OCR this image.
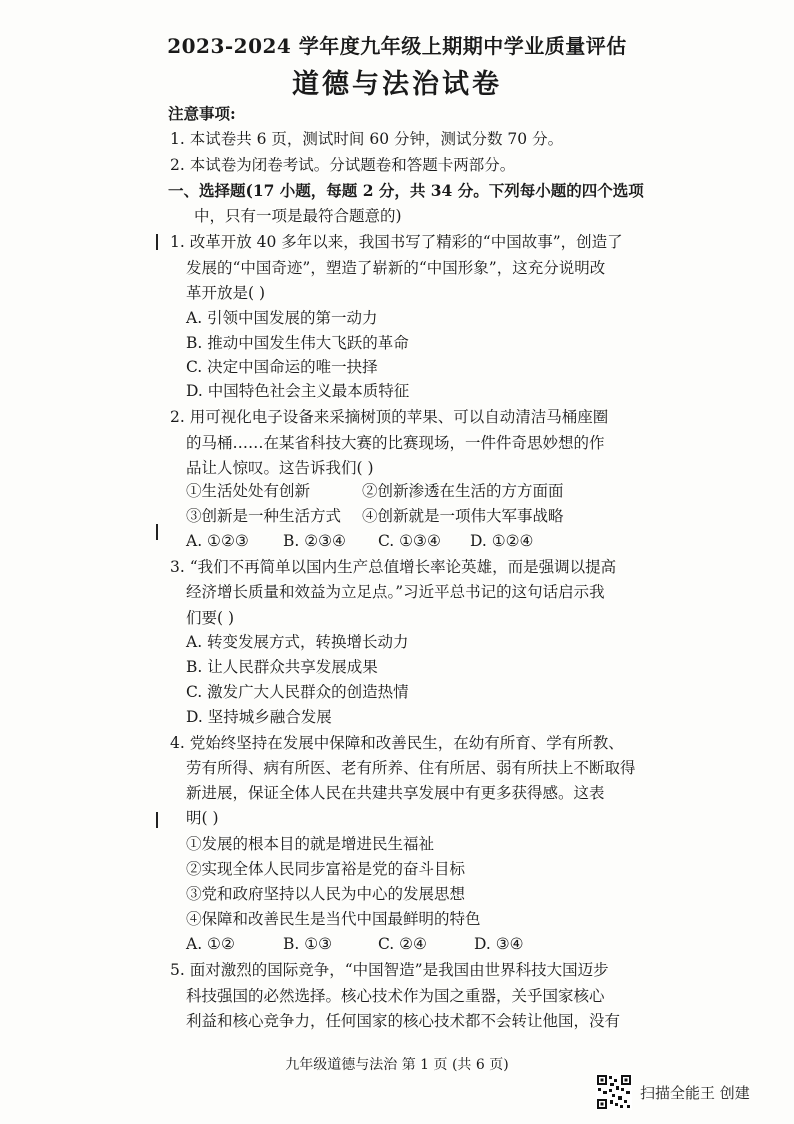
2023-2024 学年度九年级上期期中学业质量评估
道德与法治试卷
注意事项:
1. 本试卷共 6 页，测试时间 60 分钟，测试分数 70 分。
2. 本试卷为闭卷考试。分试题卷和答题卡两部分。
一、选择题(17 小题，每题 2 分，共 34 分。下列每小题的四个选项
中，只有一项是最符合题意的)
1. 改革开放 40 多年以来，我国书写了精彩的“中国故事”，创造了
发展的“中国奇迹”，塑造了崭新的“中国形象”，这充分说明改
革开放是( )
A. 引领中国发展的第一动力
B. 推动中国发生伟大飞跃的革命
C. 决定中国命运的唯一抉择
D. 中国特色社会主义最本质特征
2. 用可视化电子设备来采摘树顶的苹果、可以自动清洁马桶座圈
的马桶……在某省科技大赛的比赛现场，一件件奇思妙想的作
品让人惊叹。这告诉我们( )
①生活处处有创新	②创新渗透在生活的方方面面
③创新是一种生活方式 ④创新就是一项伟大军事战略
A. ①②③ B. ②③④ C. ①③④ D. ①②④
3. “我们不再简单以国内生产总值增长率论英雄，而是强调以提高
经济增长质量和效益为立足点。”习近平总书记的这句话启示我
们要( )
A. 转变发展方式，转换增长动力
B. 让人民群众共享发展成果
C. 激发广大人民群众的创造热情
D. 坚持城乡融合发展
4. 党始终坚持在发展中保障和改善民生，在幼有所育、学有所教、
劳有所得、病有所医、老有所养、住有所居、弱有所扶上不断取得
新进展，保证全体人民在共建共享发展中有更多获得感。这表
明( )
①发展的根本目的就是增进民生福祉
②实现全体人民同步富裕是党的奋斗目标
③党和政府坚持以人民为中心的发展思想
④保障和改善民生是当代中国最鲜明的特色
A. ①②	B. ①③	C. ②④	D. ③④
5. 面对激烈的国际竞争，“中国智造”是我国由世界科技大国迈步
科技强国的必然选择。核心技术作为国之重器，关乎国家核心
利益和核心竞争力，任何国家的核心技术都不会转让他国，没有
九年级道德与法治 第 1 页 (共 6 页)
扫描全能王 创建
